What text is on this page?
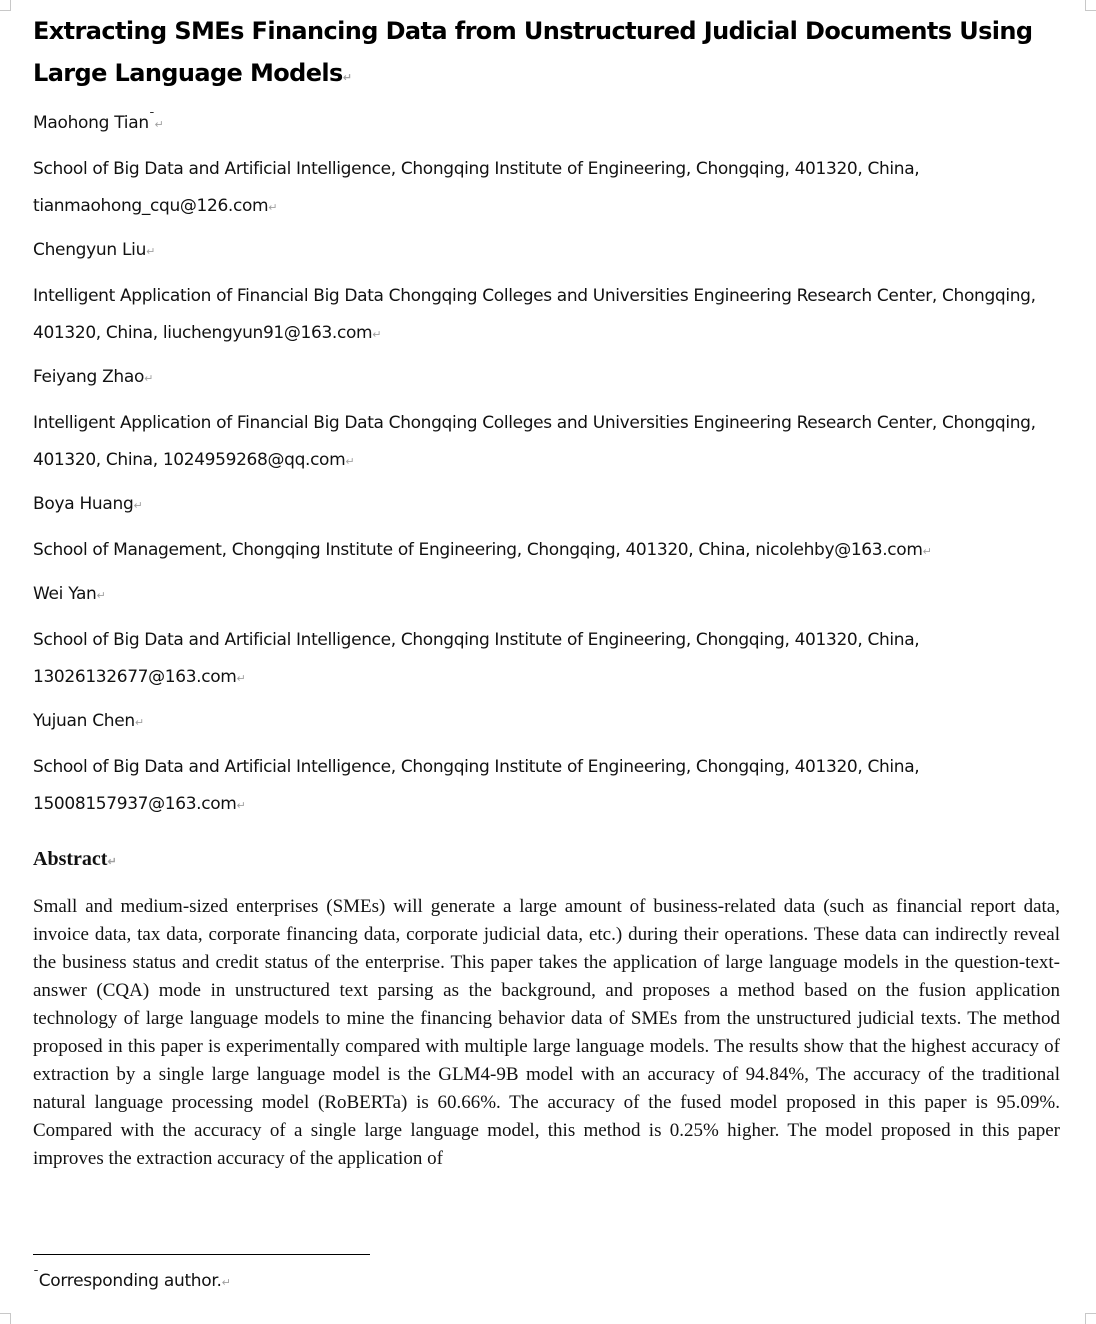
Extracting SMEs Financing Data from Unstructured Judicial Documents Using Large Language Models↵

Maohong Tian¯↵

School of Big Data and Artificial Intelligence, Chongqing Institute of Engineering, Chongqing, 401320, China, tianmaohong_cqu@126.com↵

Chengyun Liu↵

Intelligent Application of Financial Big Data Chongqing Colleges and Universities Engineering Research Center, Chongqing, 401320, China, liuchengyun91@163.com↵

Feiyang Zhao↵

Intelligent Application of Financial Big Data Chongqing Colleges and Universities Engineering Research Center, Chongqing, 401320, China, 1024959268@qq.com↵

Boya Huang↵

School of Management, Chongqing Institute of Engineering, Chongqing, 401320, China, nicolehby@163.com↵

Wei Yan↵

School of Big Data and Artificial Intelligence, Chongqing Institute of Engineering, Chongqing, 401320, China, 13026132677@163.com↵

Yujuan Chen↵

School of Big Data and Artificial Intelligence, Chongqing Institute of Engineering, Chongqing, 401320, China, 15008157937@163.com↵

Abstract↵
Small and medium-sized enterprises (SMEs) will generate a large amount of business-related data (such as financial report data, invoice data, tax data, corporate financing data, corporate judicial data, etc.) during their operations. These data can indirectly reveal the business status and credit status of the enterprise. This paper takes the application of large language models in the question-text-answer (CQA) mode in unstructured text parsing as the background, and proposes a method based on the fusion application technology of large language models to mine the financing behavior data of SMEs from the unstructured judicial texts. The method proposed in this paper is experimentally compared with multiple large language models. The results show that the highest accuracy of extraction by a single large language model is the GLM4-9B model with an accuracy of 94.84%, The accuracy of the traditional natural language processing model (RoBERTa) is 60.66%. The accuracy of the fused model proposed in this paper is 95.09%. Compared with the accuracy of a single large language model, this method is 0.25% higher. The model proposed in this paper improves the extraction accuracy of the application of
¯Corresponding author.↵
